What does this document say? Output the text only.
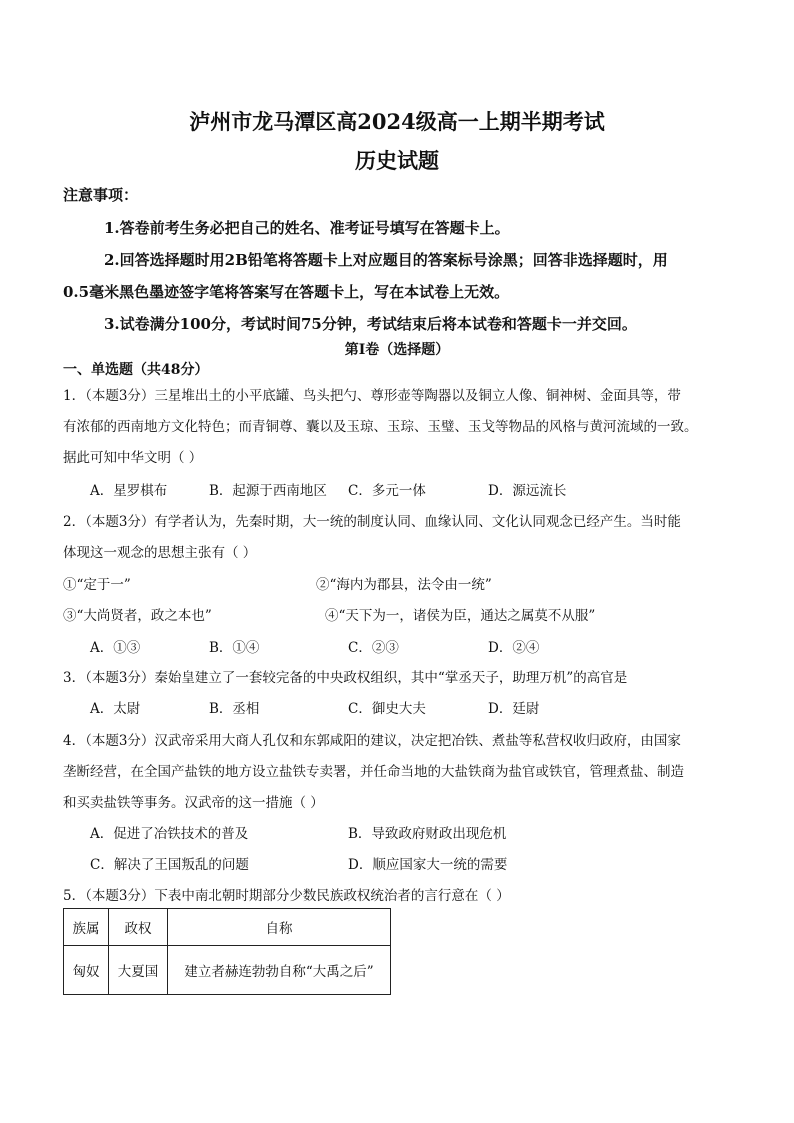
泸州市龙马潭区高2024级高一上期半期考试
历史试题
注意事项：
1.答卷前考生务必把自己的姓名、准考证号填写在答题卡上。
2.回答选择题时用2B铅笔将答题卡上对应题目的答案标号涂黑；回答非选择题时，用
0.5毫米黑色墨迹签字笔将答案写在答题卡上，写在本试卷上无效。
3.试卷满分100分，考试时间75分钟，考试结束后将本试卷和答题卡一并交回。
第Ⅰ卷（选择题）
一、单选题（共48分）
1．（本题3分）三星堆出土的小平底罐、鸟头把勺、尊形壶等陶器以及铜立人像、铜神树、金面具等，带
有浓郁的西南地方文化特色；而青铜尊、囊以及玉琼、玉琮、玉璧、玉戈等物品的风格与黄河流域的一致。
据此可知中华文明（ ）
A．星罗棋布	B．起源于西南地区 C．多元一体	D．源远流长
2．（本题3分）有学者认为，先秦时期，大一统的制度认同、血缘认同、文化认同观念已经产生。当时能
体现这一观念的思想主张有（ ）
①“定于一”	②“海内为郡县，法令由一统”
③“大尚贤者，政之本也”	④“天下为一，诸侯为臣，通达之属莫不从服”
A．①③	B．①④	C．②③	D．②④
3．（本题3分）秦始皇建立了一套较完备的中央政权组织，其中“掌丞天子，助理万机”的高官是
A．太尉	B．丞相	C．御史大夫	D．廷尉
4．（本题3分）汉武帝采用大商人孔仅和东郭咸阳的建议，决定把冶铁、煮盐等私营权收归政府，由国家
垄断经营，在全国产盐铁的地方设立盐铁专卖署，并任命当地的大盐铁商为盐官或铁官，管理煮盐、制造
和买卖盐铁等事务。汉武帝的这一措施（ ）
A．促进了冶铁技术的普及	B．导致政府财政出现危机
C．解决了王国叛乱的问题	D．顺应国家大一统的需要
5．（本题3分）下表中南北朝时期部分少数民族政权统治者的言行意在（ ）
族属	政权	自称
匈奴	大夏国	建立者赫连勃勃自称“大禹之后”
